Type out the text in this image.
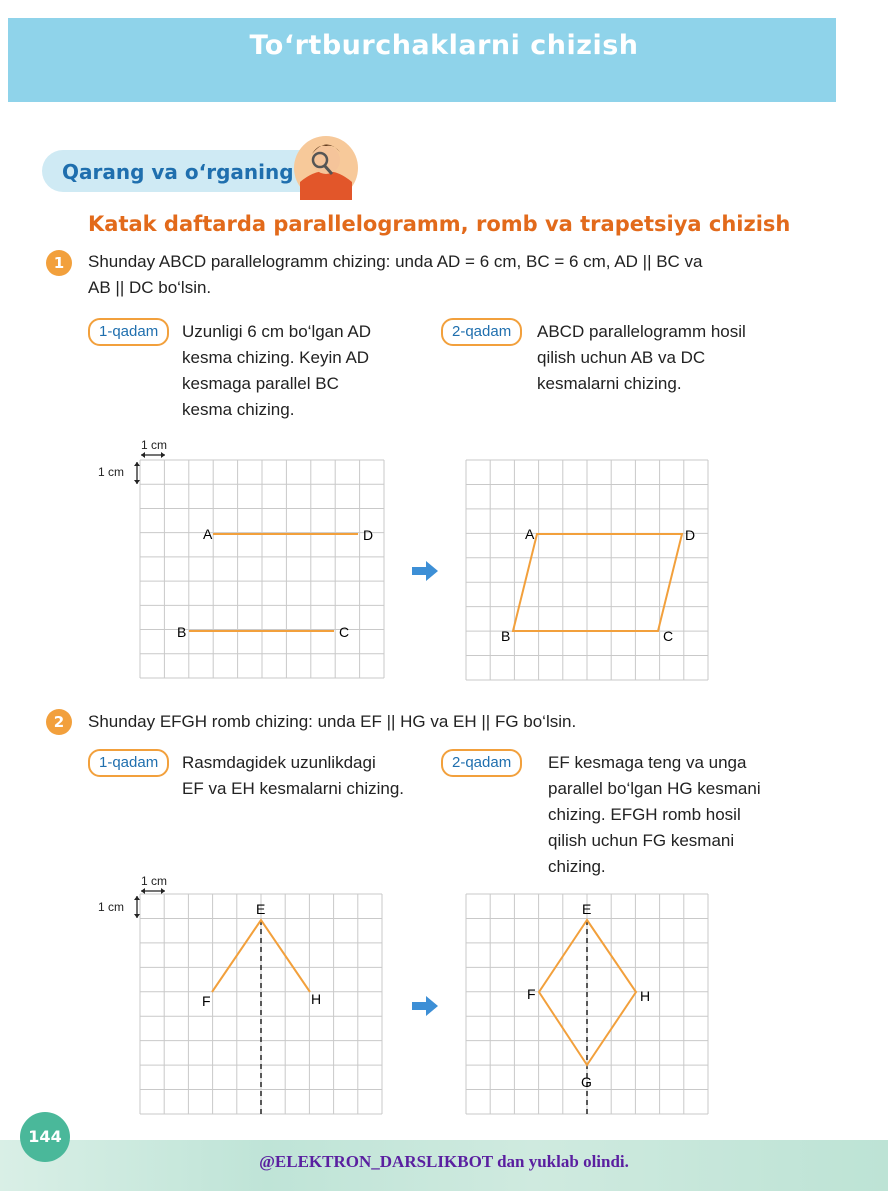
To‘rtburchaklarni chizish
Qarang va o‘rganing
Katak daftarda parallelogramm, romb va trapetsiya chizish
1	Shunday ABCD parallelogramm chizing: unda AD = 6 cm, BC = 6 cm, AD || BC va
AB || DC bo‘lsin.
1-qadam	Uzunligi 6 cm bo‘lgan AD
kesma chizing. Keyin AD
kesmaga parallel BC
kesma chizing.
2-qadam	ABCD parallelogramm hosil
qilish uchun AB va DC
kesmalarni chizing.
1 cm
1 cm
A	D
B	C
A	D
B	C
2	Shunday EFGH romb chizing: unda EF || HG va EH || FG bo‘lsin.
1-qadam	Rasmdagidek uzunlikdagi
EF va EH kesmalarni chizing.
2-qadam	EF kesmaga teng va unga
parallel bo‘lgan HG kesmani
chizing. EFGH romb hosil
qilish uchun FG kesmani
chizing.
1 cm
1 cm	E
F	H
E
F	H
G
144
@ELEKTRON_DARSLIKBOT dan yuklab olindi.
